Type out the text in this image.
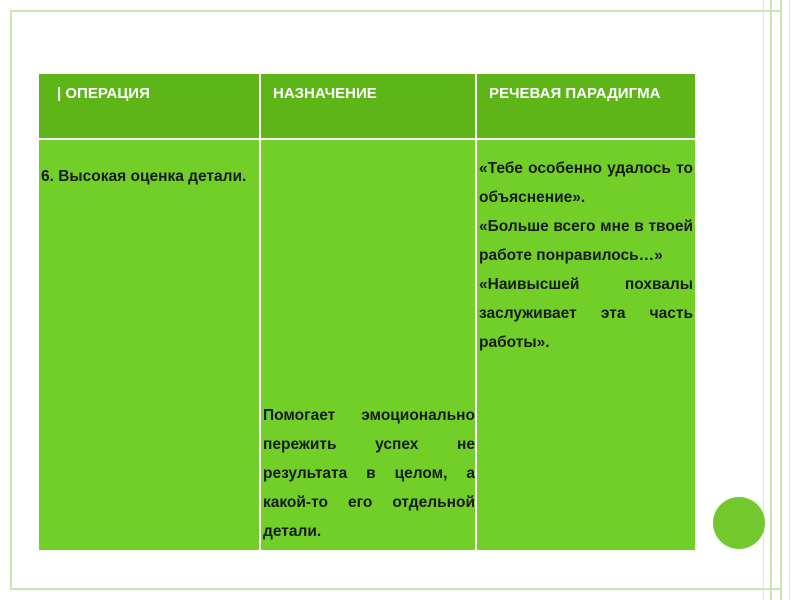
| ОПЕРАЦИЯ	НАЗНАЧЕНИЕ	РЕЧЕВАЯ ПАРАДИГМА

6. Высокая оценка детали.	Помогает эмоционально пережить успех не результата в целом, а какой-то его отдельной детали.	«Тебе особенно удалось то объяснение».
«Больше всего мне в твоей работе понравилось…»
«Наивысшей похвалы заслуживает эта часть работы».
